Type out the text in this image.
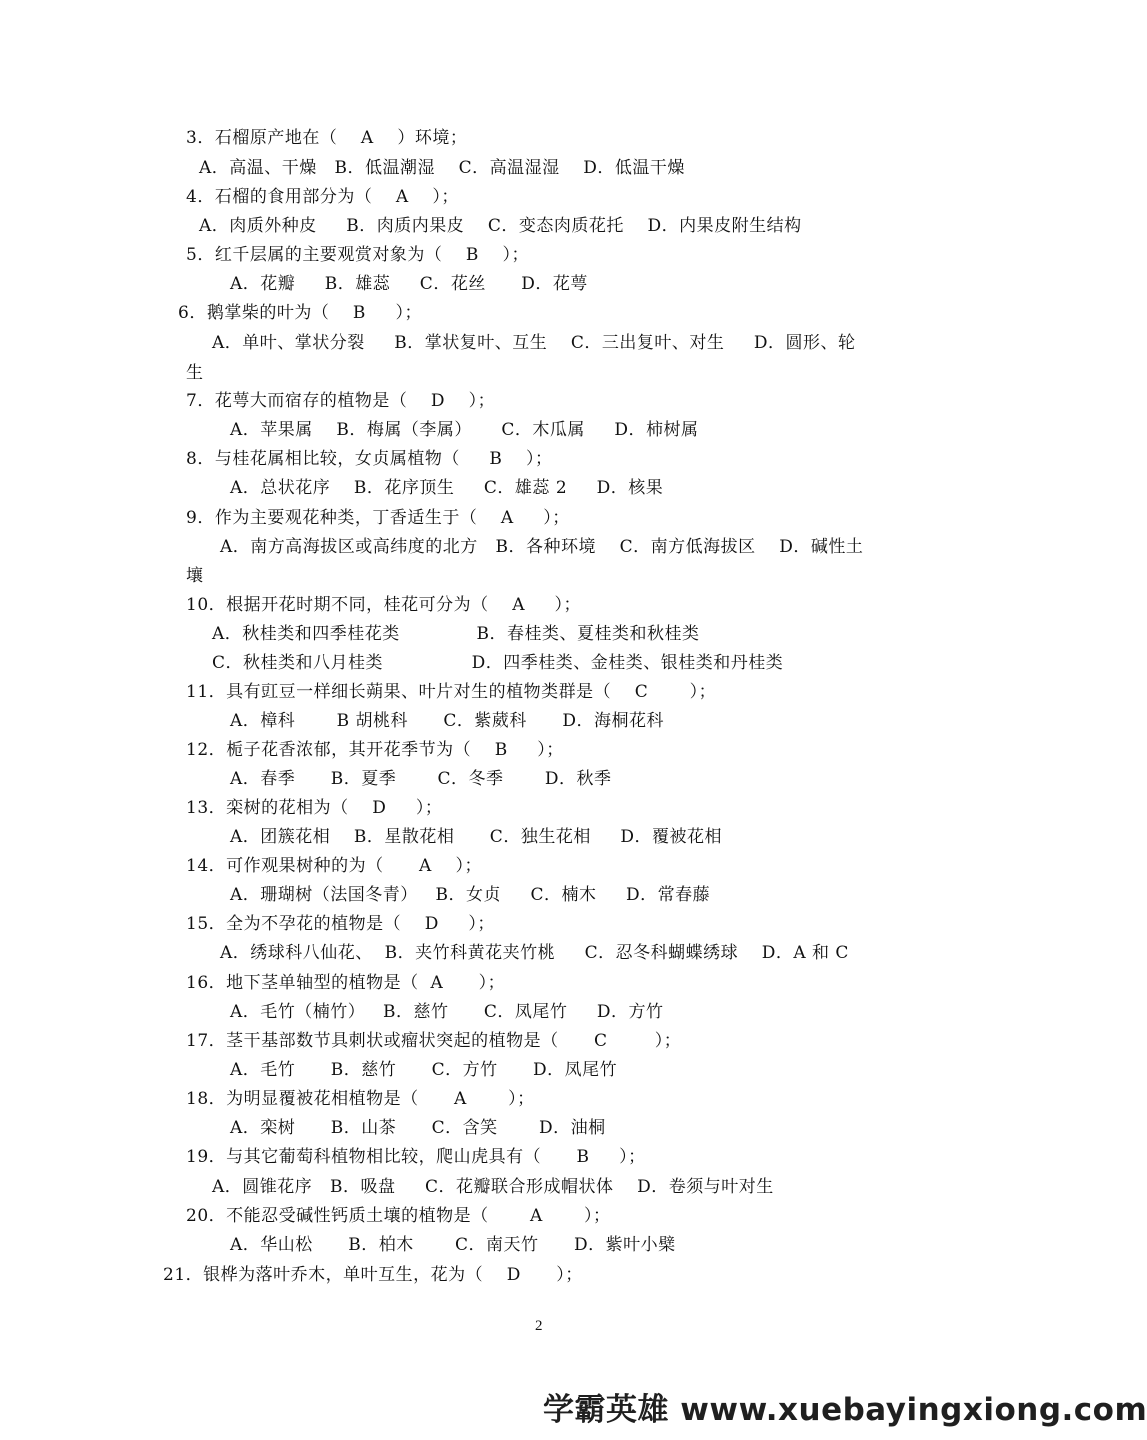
3．石榴原产地在（    A    ）环境；
A．高温、干燥   B．低温潮湿    C．高温湿湿    D．低温干燥
4．石榴的食用部分为（    A    ）；
A．肉质外种皮     B．肉质内果皮    C．变态肉质花托    D．内果皮附生结构
5．红千层属的主要观赏对象为（    B    ）；
A．花瓣     B．雄蕊     C．花丝      D．花萼
6．鹅掌柴的叶为（    B     ）；
A．单叶、掌状分裂     B．掌状复叶、互生    C．三出复叶、对生     D．圆形、轮
生
7．花萼大而宿存的植物是（    D    ）；
A．苹果属    B．梅属（李属）     C．木瓜属     D．柿树属
8．与桂花属相比较，女贞属植物（     B    ）；
A．总状花序    B．花序顶生     C．雄蕊 2     D．核果
9．作为主要观花种类，丁香适生于（    A     ）；
A．南方高海拔区或高纬度的北方   B．各种环境    C．南方低海拔区    D．碱性土
壤
10．根据开花时期不同，桂花可分为（    A     ）；
A．秋桂类和四季桂花类             B．春桂类、夏桂类和秋桂类
C．秋桂类和八月桂类               D．四季桂类、金桂类、银桂类和丹桂类
11．具有豇豆一样细长蒴果、叶片对生的植物类群是（    C       ）；
A．樟科       B 胡桃科      C．紫葳科      D．海桐花科
12．栀子花香浓郁，其开花季节为（    B     ）；
A．春季      B．夏季       C．冬季       D．秋季
13．栾树的花相为（    D     ）；
A．团簇花相    B．星散花相      C．独生花相     D．覆被花相
14．可作观果树种的为（      A    ）；
A．珊瑚树（法国冬青）   B．女贞     C．楠木     D．常春藤
15．全为不孕花的植物是（    D     ）；
A．绣球科八仙花、  B．夹竹科黄花夹竹桃     C．忍冬科蝴蝶绣球    D．A 和 C
16．地下茎单轴型的植物是（  A      ）；
A．毛竹（楠竹）   B．慈竹      C．凤尾竹     D．方竹
17．茎干基部数节具刺状或瘤状突起的植物是（      C        ）；
A．毛竹      B．慈竹      C．方竹      D．凤尾竹
18．为明显覆被花相植物是（      A       ）；
A．栾树      B．山茶      C．含笑       D．油桐
19．与其它葡萄科植物相比较，爬山虎具有（      B     ）；
A．圆锥花序   B．吸盘     C．花瓣联合形成帽状体    D．卷须与叶对生
20．不能忍受碱性钙质土壤的植物是（       A       ）；
A．华山松      B．柏木       C．南天竹      D．紫叶小檗
21．银桦为落叶乔木，单叶互生，花为（    D      ）；
2
学霸英雄 www.xuebayingxiong.com
